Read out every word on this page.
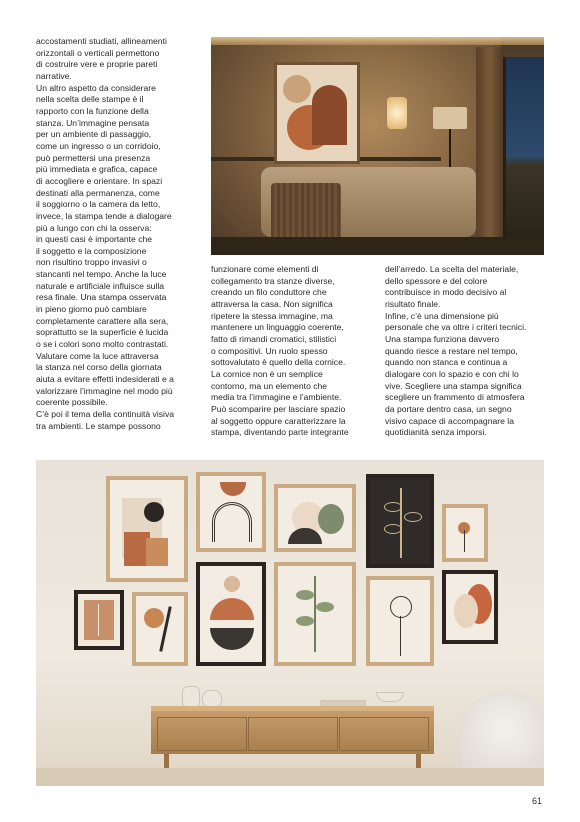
accostamenti studiati, allineamenti
orizzontali o verticali permettono
di costruire vere e proprie pareti
narrative.
Un altro aspetto da considerare
nella scelta delle stampe è il
rapporto con la funzione della
stanza. Un’immagine pensata
per un ambiente di passaggio,
come un ingresso o un corridoio,
può permettersi una presenza
più immediata e grafica, capace
di accogliere e orientare. In spazi
destinati alla permanenza, come
il soggiorno o la camera da letto,
invece, la stampa tende a dialogare
più a lungo con chi la osserva:
in questi casi è importante che
il soggetto e la composizione
non risultino troppo invasivi o
stancanti nel tempo. Anche la luce
naturale e artificiale influisce sulla
resa finale. Una stampa osservata
in pieno giorno può cambiare
completamente carattere alla sera,
soprattutto se la superficie è lucida
o se i colori sono molto contrastati.
Valutare come la luce attraversa
la stanza nel corso della giornata
aiuta a evitare effetti indesiderati e a
valorizzare l’immagine nel modo più
coerente possibile.
C’è poi il tema della continuità visiva
tra ambienti. Le stampe possono
funzionare come elementi di
collegamento tra stanze diverse,
creando un filo conduttore che
attraversa la casa. Non significa
ripetere la stessa immagine, ma
mantenere un linguaggio coerente,
fatto di rimandi cromatici, stilistici
o compositivi. Un ruolo spesso
sottovalutato è quello della cornice.
La cornice non è un semplice
contorno, ma un elemento che
media tra l’immagine e l’ambiente.
Può scomparire per lasciare spazio
al soggetto oppure caratterizzare la
stampa, diventando parte integrante
dell’arredo. La scelta del materiale,
dello spessore e del colore
contribuisce in modo decisivo al
risultato finale.
Infine, c’è una dimensione più
personale che va oltre i criteri tecnici.
Una stampa funziona davvero
quando riesce a restare nel tempo,
quando non stanca e continua a
dialogare con lo spazio e con chi lo
vive. Scegliere una stampa significa
scegliere un frammento di atmosfera
da portare dentro casa, un segno
visivo capace di accompagnare la
quotidianità senza imporsi.
61
